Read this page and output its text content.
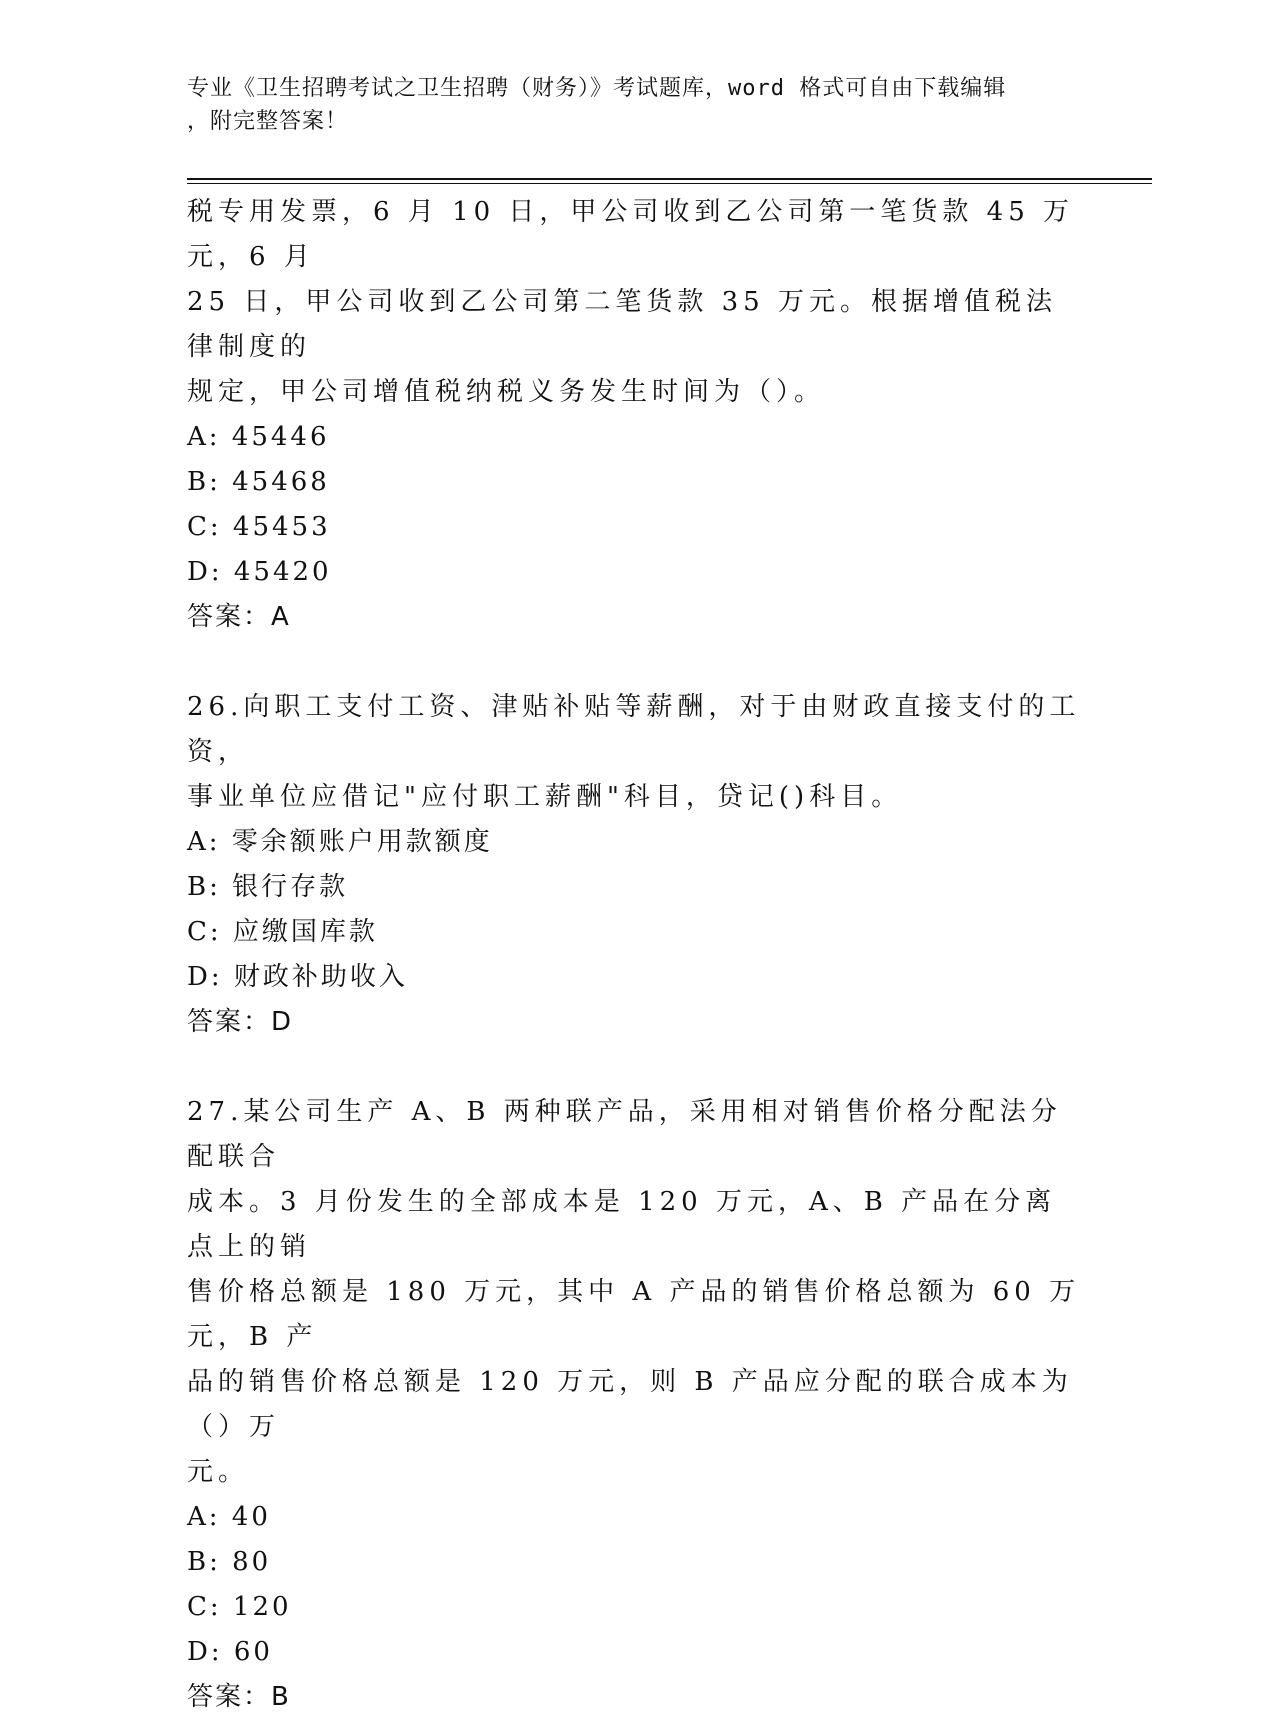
专业《卫生招聘考试之卫生招聘（财务）》考试题库，word 格式可自由下载编辑
，附完整答案！

税专用发票，6 月 10 日，甲公司收到乙公司第一笔货款 45 万元，6 月

25 日，甲公司收到乙公司第二笔货款 35 万元。根据增值税法律制度的

规定，甲公司增值税纳税义务发生时间为（）。

A: 45446

B: 45468

C: 45453

D: 45420

答案：A

26.向职工支付工资、津贴补贴等薪酬，对于由财政直接支付的工资，

事业单位应借记"应付职工薪酬"科目，贷记()科目。

A: 零余额账户用款额度

B: 银行存款

C: 应缴国库款

D: 财政补助收入

答案：D

27.某公司生产 A、B 两种联产品，采用相对销售价格分配法分配联合

成本。3 月份发生的全部成本是 120 万元，A、B 产品在分离点上的销

售价格总额是 180 万元，其中 A 产品的销售价格总额为 60 万元，B 产

品的销售价格总额是 120 万元，则 B 产品应分配的联合成本为（）万

元。

A: 40

B: 80

C: 120

D: 60

答案：B
